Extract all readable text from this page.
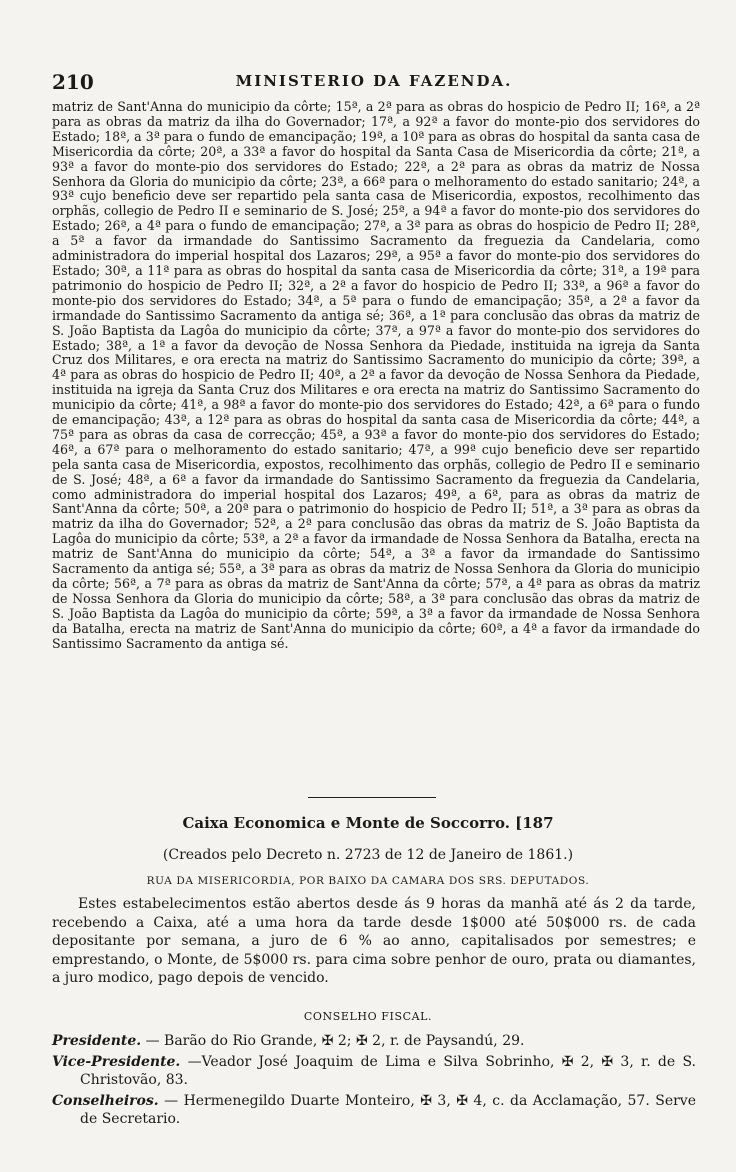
210	MINISTERIO DA FAZENDA.
matriz de Sant'Anna do municipio da côrte; 15ª, a 2ª para as obras do hospicio de Pedro II; 16ª, a 2ª para as obras da matriz da ilha do Governador; 17ª, a 92ª a favor do monte-pio dos servidores do Estado; 18ª, a 3ª para o fundo de emancipação; 19ª, a 10ª para as obras do hospital da santa casa de Misericordia da côrte; 20ª, a 33ª a favor do hospital da Santa Casa de Misericordia da côrte; 21ª, a 93ª a favor do monte-pio dos servidores do Estado; 22ª, a 2ª para as obras da matriz de Nossa Senhora da Gloria do municipio da côrte; 23ª, a 66ª para o melhoramento do estado sanitario; 24ª, a 93ª cujo beneficio deve ser repartido pela santa casa de Misericordia, expostos, recolhimento das orphãs, collegio de Pedro II e seminario de S. José; 25ª, a 94ª a favor do monte-pio dos servidores do Estado; 26ª, a 4ª para o fundo de emancipação; 27ª, a 3ª para as obras do hospicio de Pedro II; 28ª, a 5ª a favor da irmandade do Santissimo Sacramento da freguezia da Candelaria, como administradora do imperial hospital dos Lazaros; 29ª, a 95ª a favor do monte-pio dos servidores do Estado; 30ª, a 11ª para as obras do hospital da santa casa de Misericordia da côrte; 31ª, a 19ª para patrimonio do hospicio de Pedro II; 32ª, a 2ª a favor do hospicio de Pedro II; 33ª, a 96ª a favor do monte-pio dos servidores do Estado; 34ª, a 5ª para o fundo de emancipação; 35ª, a 2ª a favor da irmandade do Santissimo Sacramento da antiga sé; 36ª, a 1ª para conclusão das obras da matriz de S. João Baptista da Lagôa do municipio da côrte; 37ª, a 97ª a favor do monte-pio dos servidores do Estado; 38ª, a 1ª a favor da devoção de Nossa Senhora da Piedade, instituida na igreja da Santa Cruz dos Militares, e ora erecta na matriz do Santissimo Sacramento do municipio da côrte; 39ª, a 4ª para as obras do hospicio de Pedro II; 40ª, a 2ª a favor da devoção de Nossa Senhora da Piedade, instituida na igreja da Santa Cruz dos Militares e ora erecta na matriz do Santissimo Sacramento do municipio da côrte; 41ª, a 98ª a favor do monte-pio dos servidores do Estado; 42ª, a 6ª para o fundo de emancipação; 43ª, a 12ª para as obras do hospital da santa casa de Misericordia da côrte; 44ª, a 75ª para as obras da casa de correcção; 45ª, a 93ª a favor do monte-pio dos servidores do Estado; 46ª, a 67ª para o melhoramento do estado sanitario; 47ª, a 99ª cujo beneficio deve ser repartido pela santa casa de Misericordia, expostos, recolhimento das orphãs, collegio de Pedro II e seminario de S. José; 48ª, a 6ª a favor da irmandade do Santissimo Sacramento da freguezia da Candelaria, como administradora do imperial hospital dos Lazaros; 49ª, a 6ª, para as obras da matriz de Sant'Anna da côrte; 50ª, a 20ª para o patrimonio do hospicio de Pedro II; 51ª, a 3ª para as obras da matriz da ilha do Governador; 52ª, a 2ª para conclusão das obras da matriz de S. João Baptista da Lagôa do municipio da côrte; 53ª, a 2ª a favor da irmandade de Nossa Senhora da Batalha, erecta na matriz de Sant'Anna do municipio da côrte; 54ª, a 3ª a favor da irmandade do Santissimo Sacramento da antiga sé; 55ª, a 3ª para as obras da matriz de Nossa Senhora da Gloria do municipio da côrte; 56ª, a 7ª para as obras da matriz de Sant'Anna da côrte; 57ª, a 4ª para as obras da matriz de Nossa Senhora da Gloria do municipio da côrte; 58ª, a 3ª para conclusão das obras da matriz de S. João Baptista da Lagôa do municipio da côrte; 59ª, a 3ª a favor da irmandade de Nossa Senhora da Batalha, erecta na matriz de Sant'Anna do municipio da côrte; 60ª, a 4ª a favor da irmandade do Santissimo Sacramento da antiga sé.
Caixa Economica e Monte de Soccorro. [187
(Creados pelo Decreto n. 2723 de 12 de Janeiro de 1861.)
RUA DA MISERICORDIA, POR BAIXO DA CAMARA DOS SRS. DEPUTADOS.
Estes estabelecimentos estão abertos desde ás 9 horas da manhã até ás 2 da tarde, recebendo a Caixa, até a uma hora da tarde desde 1$000 até 50$000 rs. de cada depositante por semana, a juro de 6 % ao anno, capitalisados por semestres; e emprestando, o Monte, de 5$000 rs. para cima sobre penhor de ouro, prata ou diamantes, a juro modico, pago depois de vencido.
CONSELHO FISCAL.

Presidente. — Barão do Rio Grande, ✠ 2; ✠ 2, r. de Paysandú, 29.

Vice-Presidente. —Veador José Joaquim de Lima e Silva Sobrinho, ✠ 2, ✠ 3, r. de S. Christovão, 83.

Conselheiros. — Hermenegildo Duarte Monteiro, ✠ 3, ✠ 4, c. da Acclamação, 57. Serve de Secretario.
